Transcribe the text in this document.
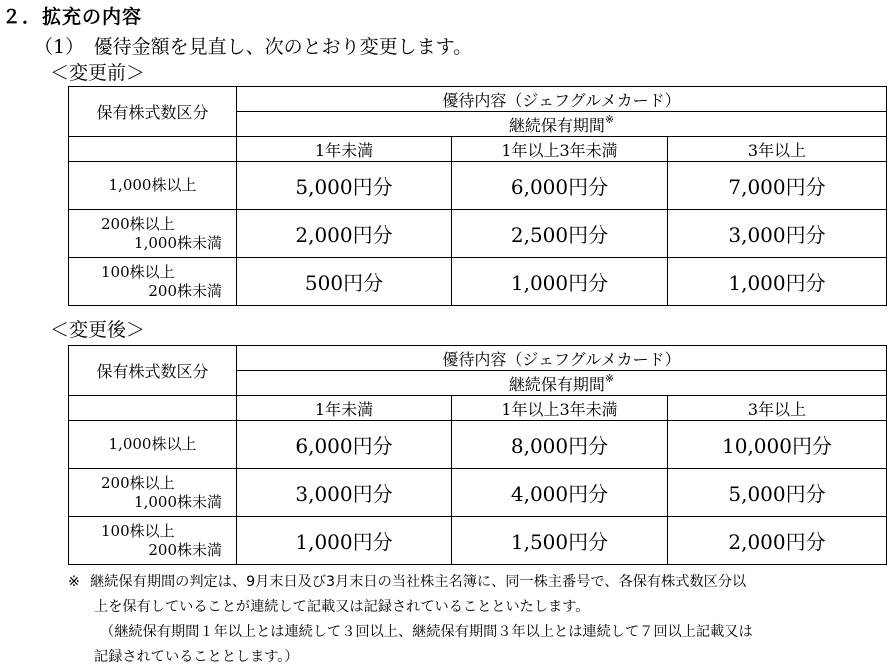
２．拡充の内容
（1）　優待金額を見直し、次のとおり変更します。
＜変更前＞
保有株式数区分	優待内容（ジェフグルメカード）		
	継続保有期間※
	1年未満	1年以上3年未満	3年以上

1,000株以上	5,000円分	6,000円分	7,000円分

200株以上
1,000株未満	2,000円分	2,500円分	3,000円分

100株以上
200株未満	500円分	1,000円分	1,000円分
＜変更後＞
保有株式数区分	優待内容（ジェフグルメカード）		
	継続保有期間※
	1年未満	1年以上3年未満	3年以上

1,000株以上	6,000円分	8,000円分	10,000円分

200株以上
1,000株未満	3,000円分	4,000円分	5,000円分

100株以上
200株未満	1,000円分	1,500円分	2,000円分
※ 継続保有期間の判定は、9月末日及び3月末日の当社株主名簿に、同一株主番号で、各保有株式数区分以
上を保有していることが連続して記載又は記録されていることといたします。
（継続保有期間１年以上とは連続して３回以上、継続保有期間３年以上とは連続して７回以上記載又は
記録されていることとします。）
